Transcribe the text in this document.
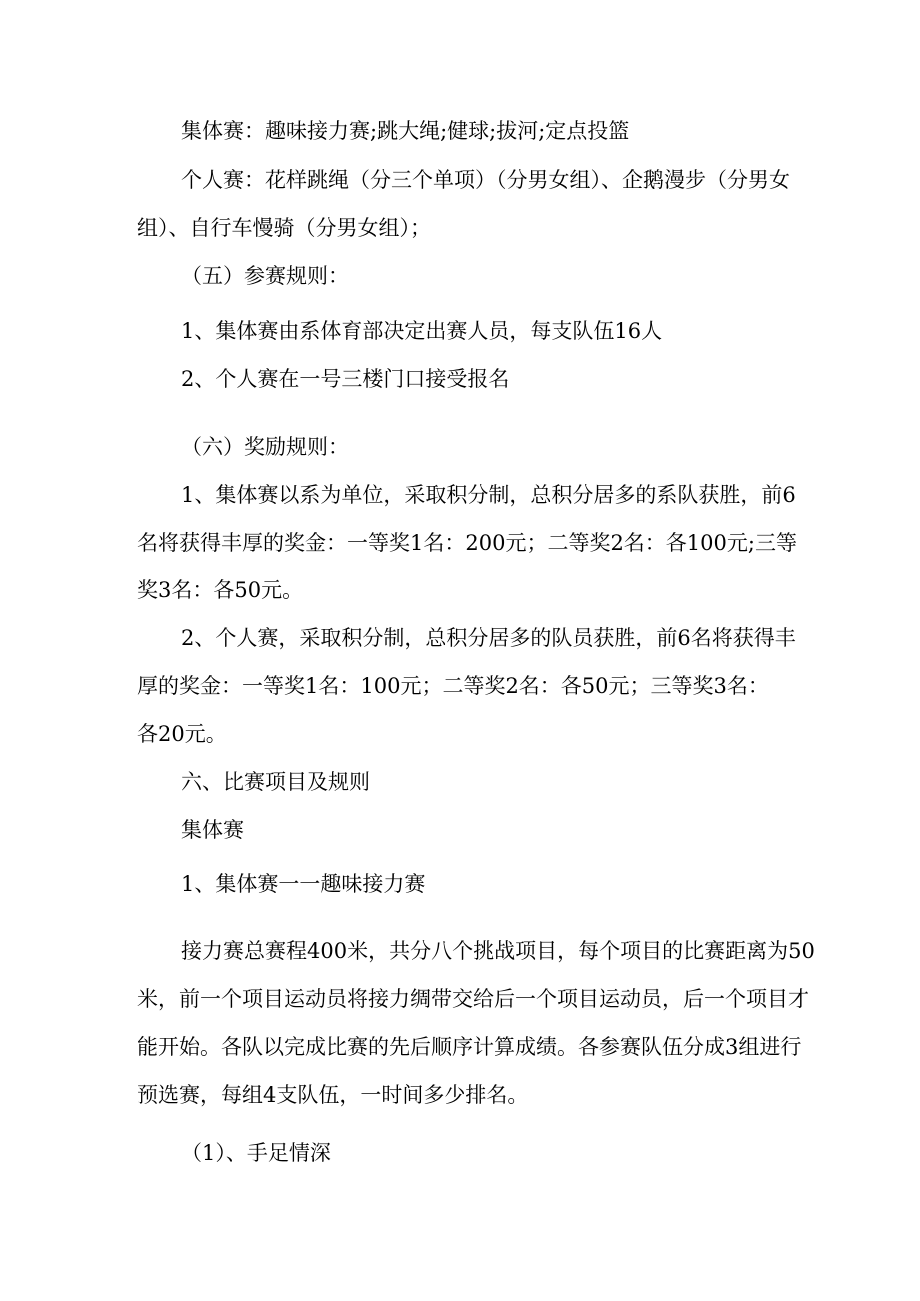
集体赛：趣味接力赛;跳大绳;健球;拔河;定点投篮
个人赛：花样跳绳（分三个单项）（分男女组）、企鹅漫步（分男女
组）、自行车慢骑（分男女组）；
（五）参赛规则：
1、集体赛由系体育部决定出赛人员，每支队伍16人
2、个人赛在一号三楼门口接受报名
（六）奖励规则：
1、集体赛以系为单位，采取积分制，总积分居多的系队获胜，前6
名将获得丰厚的奖金：一等奖1名：200元；二等奖2名：各100元;三等
奖3名：各50元。
2、个人赛，采取积分制，总积分居多的队员获胜，前6名将获得丰
厚的奖金：一等奖1名：100元；二等奖2名：各50元；三等奖3名：
各20元。
六、比赛项目及规则
集体赛
1、集体赛一一趣味接力赛
接力赛总赛程400米，共分八个挑战项目，每个项目的比赛距离为50
米，前一个项目运动员将接力绸带交给后一个项目运动员，后一个项目才
能开始。各队以完成比赛的先后顺序计算成绩。各参赛队伍分成3组进行
预选赛，每组4支队伍，一时间多少排名。
（1）、手足情深
